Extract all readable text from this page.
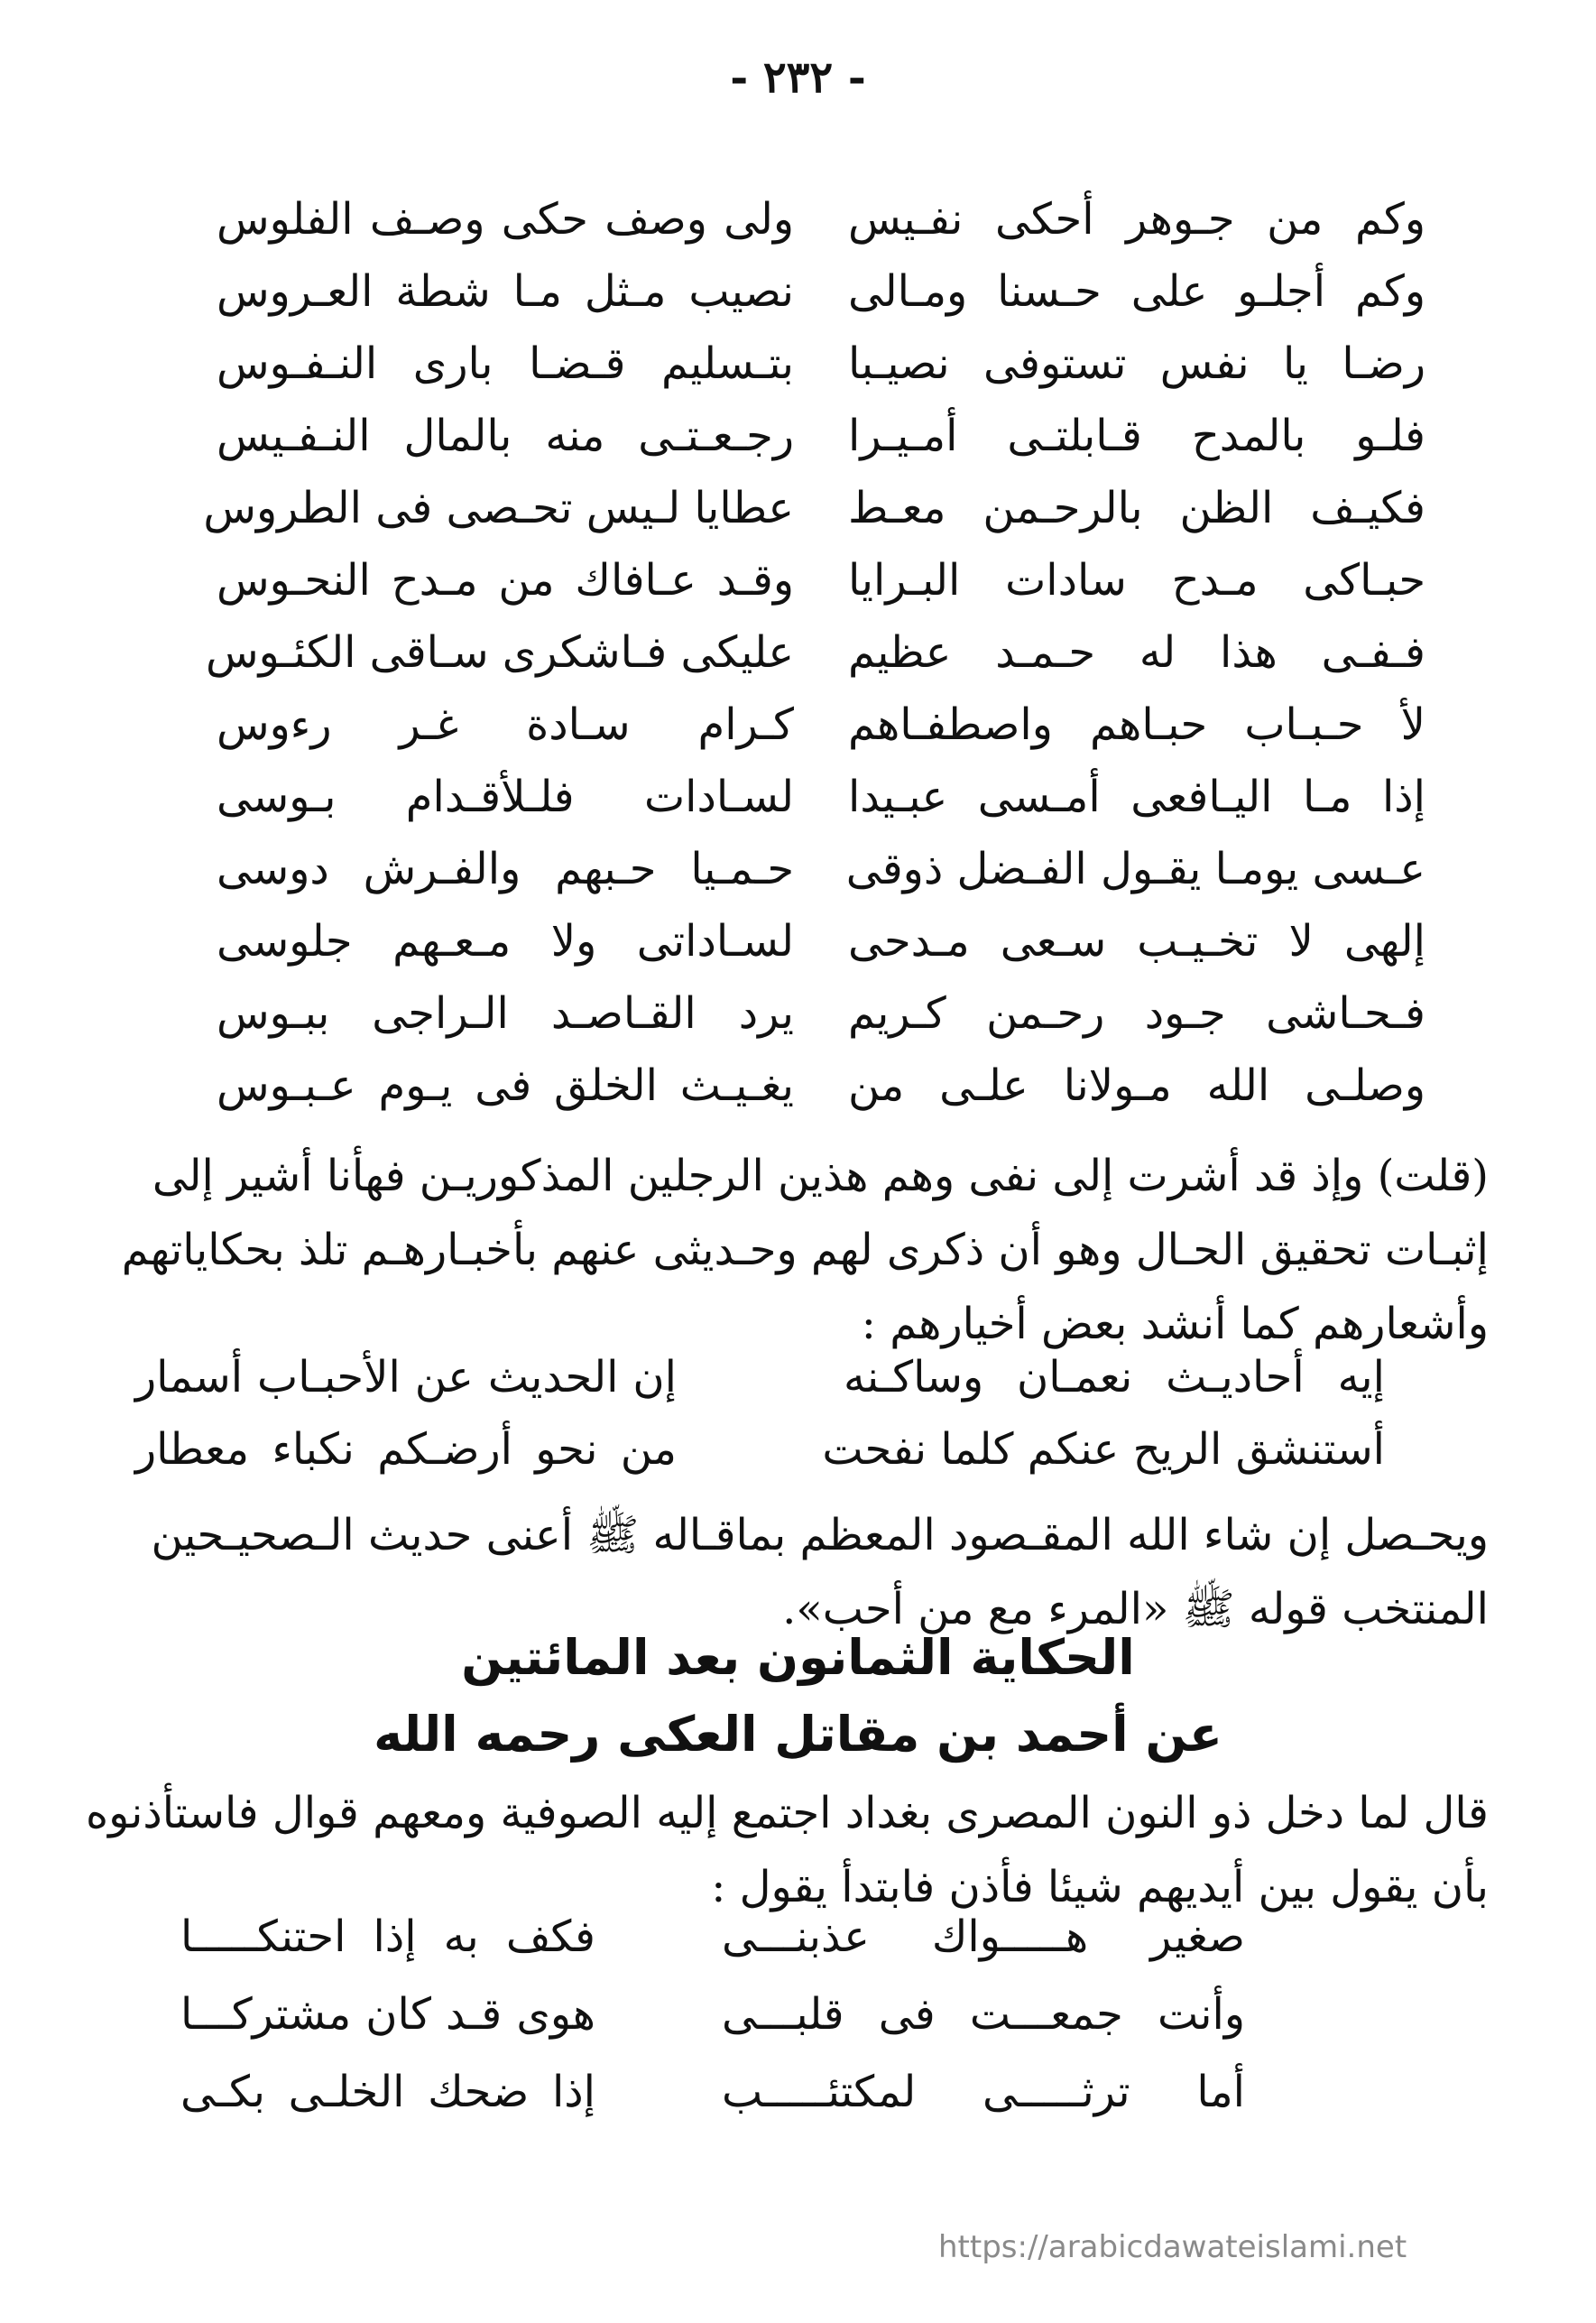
- ٢٣٢ -
وكم من جـوهر أحكى نفـيس
ولى وصف حكى وصـف الفلوس
وكم أجلـو على حـسنا ومـالى
نصيب مـثل مـا شطة العـروس
رضـا يا نفس تستوفى نصيـبا
بتـسليم قـضـا بارى النـفـوس
فلـو بالمدح قـابلتـى أمـيـرا
رجـعـتـى منه بالمال النـفـيس
فكيـف الظن بالرحـمن معـط
عطايا لـيس تحـصى فى الطروس
حبـاكى مـدح سادات البـرايا
وقـد عـافاك من مـدح النحـوس
فـفـى هذا له حـمـد عظيم
عليكى فـاشكرى سـاقى الكئـوس
لأ حـبـاب حبـاهم واصطفـاهم
كـرام سـادة غـر رءوس
إذا مـا اليـافعى أمـسى عبـيدا
لسـادات فلـلأقـدام بـوسى
عـسى يومـا يقـول الفـضل ذوقى
حـمـيا حـبهم والفـرش دوسى
إلهى لا تخـيـب سـعى مـدحى
لسـاداتى ولا مـعـهم جلوسى
فـحـاشى جـود رحـمن كـريم
يرد القـاصـد الـراجى ببـوس
وصلـى الله مـولانا علـى من
يغـيـث الخلق فى يـوم عـبـوس

(قلت) وإذ قد أشرت إلى نفى وهم هذين الرجلين المذكوريـن فهأنا أشير إلى

إثبـات تحقيق الحـال وهو أن ذكرى لهم وحـديثى عنهم بأخبـارهـم تلذ بحكاياتهم

وأشعارهم كما أنشد بعض أخيارهم :

إيه أحاديـث نعمـان وساكـنه
إن الحديث عن الأحبـاب أسمار
أستنشق الريح عنكم كلما نفحت
من نحو أرضـكم نكباء معطار

ويحـصل إن شاء الله المقـصود المعظم بماقـاله ﷺ أعنى حديث الـصحيـحين

المنتخب قوله ﷺ «المرء مع من أحب».

الحكاية الثمانون بعد المائتين
عن أحمد بن مقاتل العكى رحمه الله

قال لما دخل ذو النون المصرى بغداد اجتمع إليه الصوفية ومعهم قوال فاستأذنوه

بأن يقول بين أيديهم شيئا فأذن فابتدأ يقول :

صغير هـــــواك عذبنـــى
فكف به إذا احتنكـــــا
وأنت جمعـــت فى قلبـــى
هوى قـد كان مشتركـــا
أما ترثـــــى لمكتئـــــب
إذا ضحك الخلـى بكـى
https://arabicdawateislami.net
